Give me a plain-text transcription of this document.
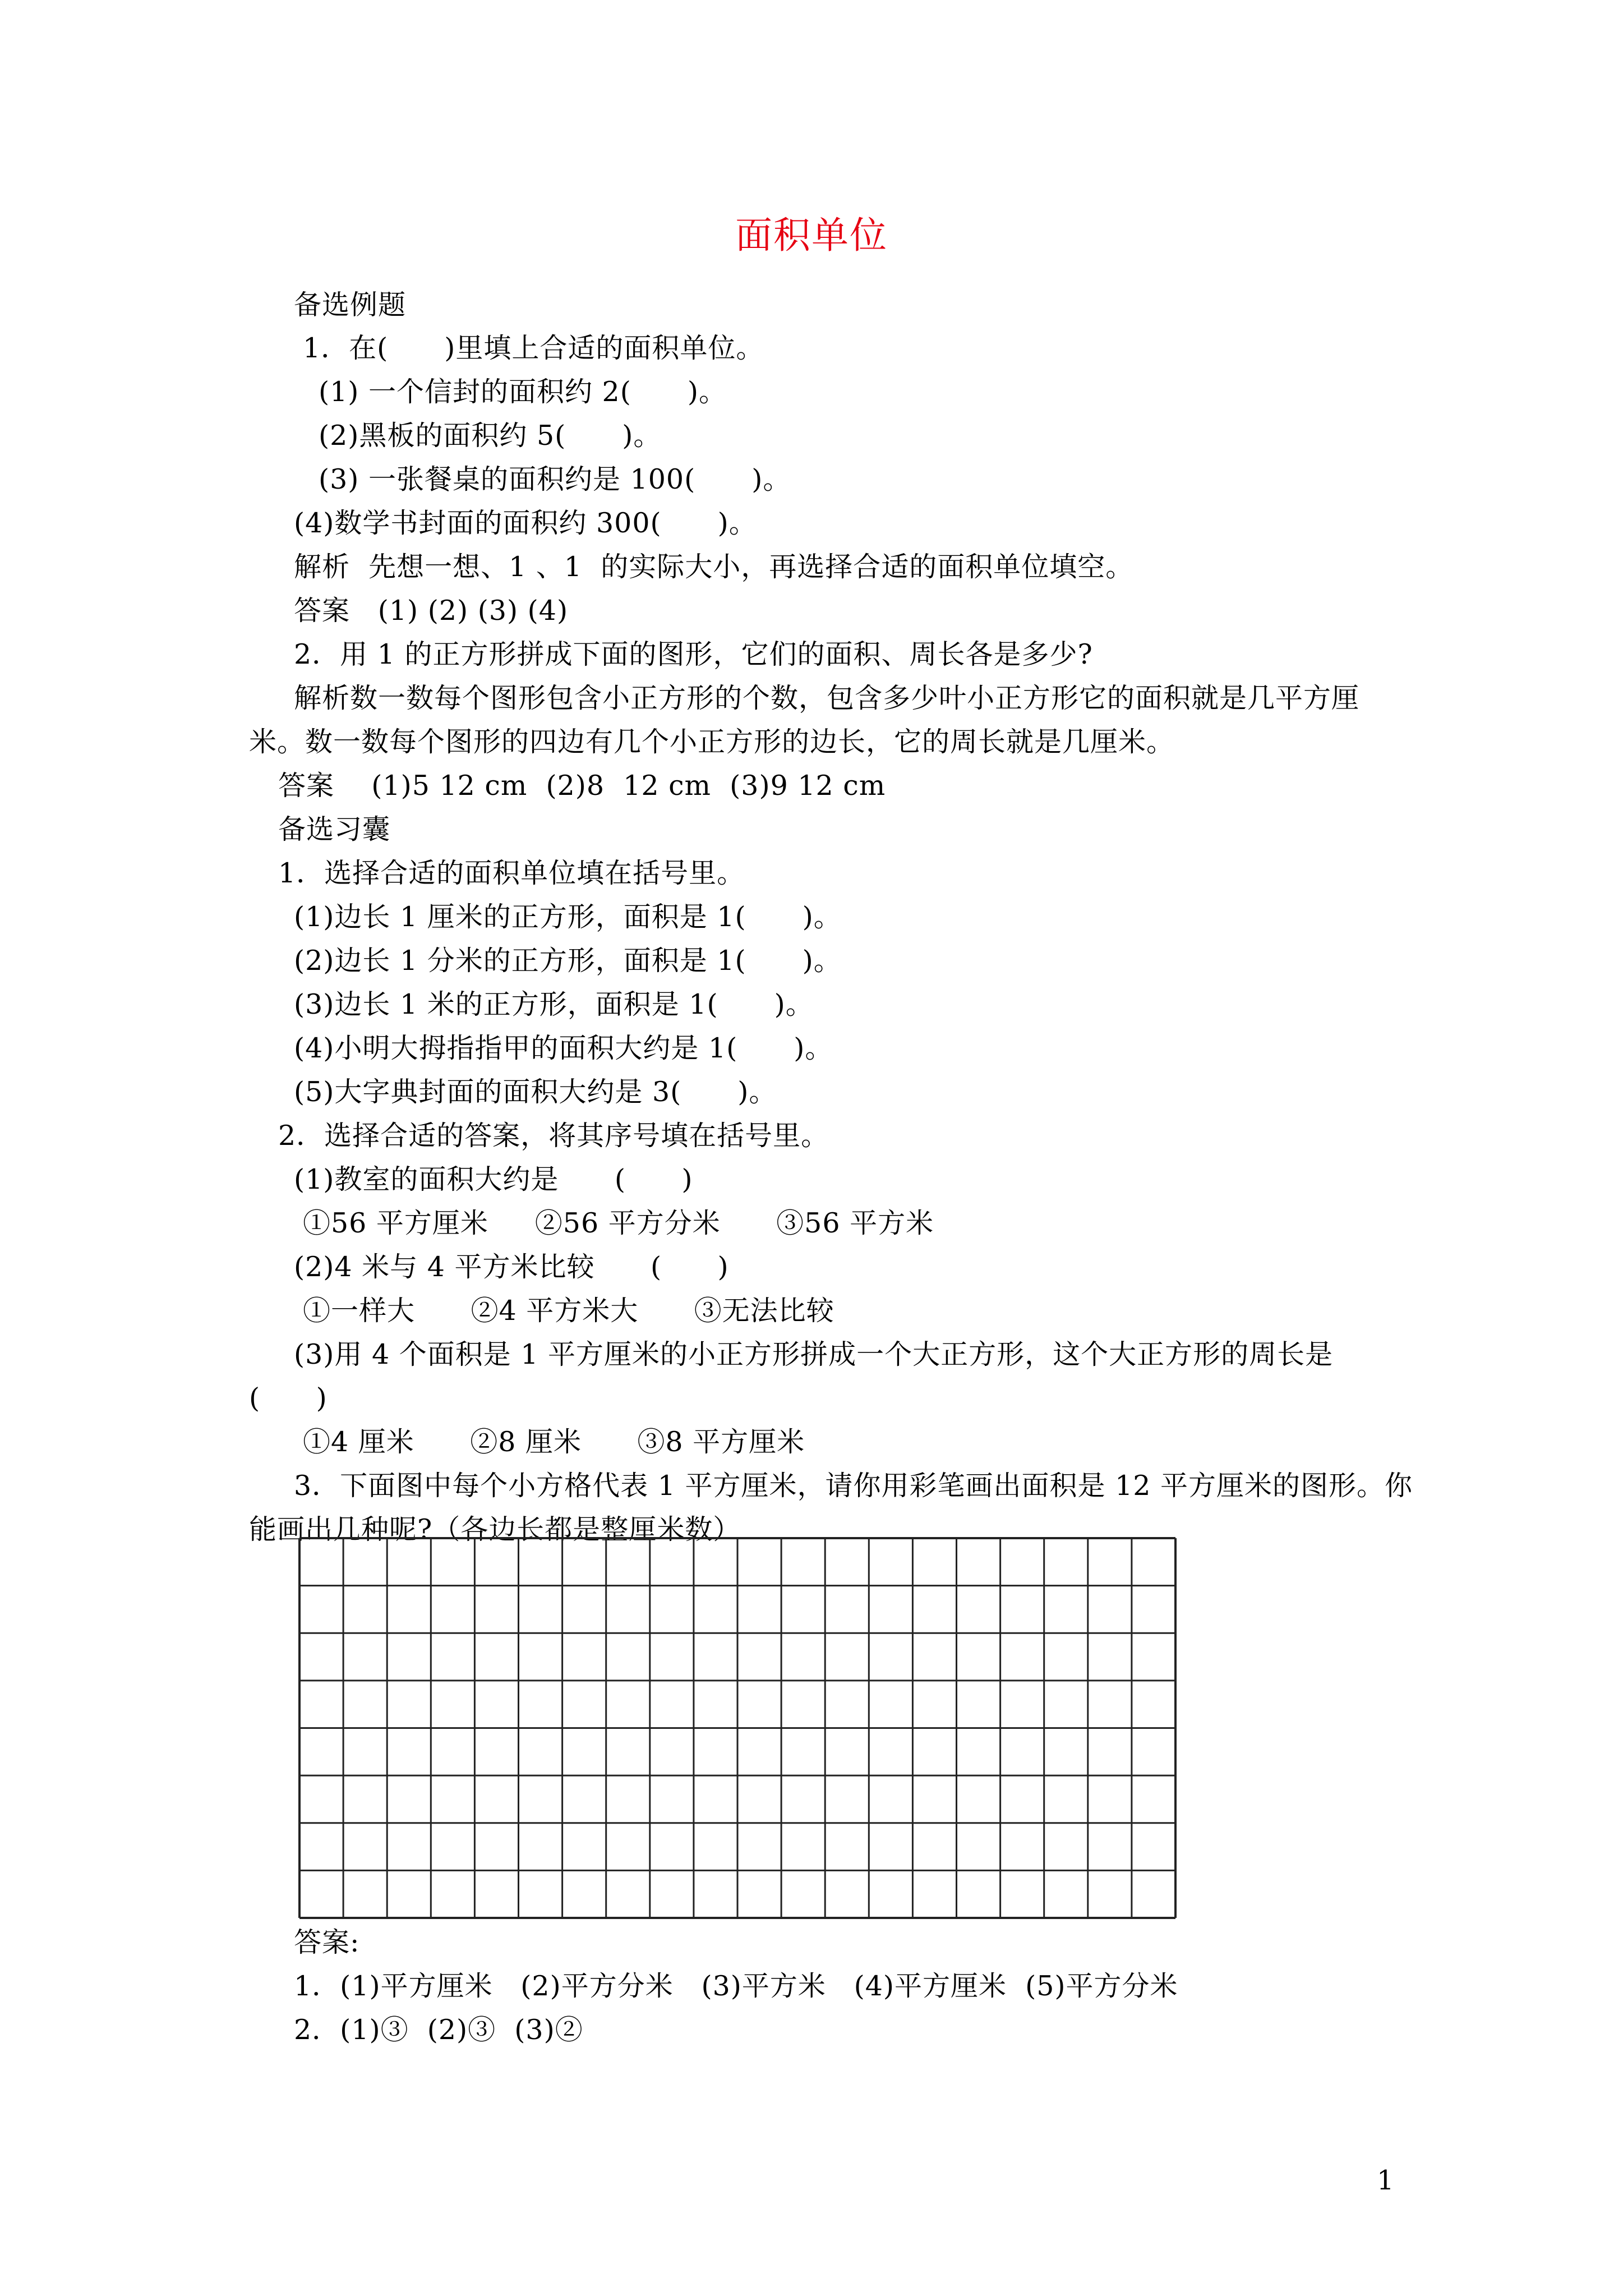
面积单位
备选例题
1．在(　　)里填上合适的面积单位。
(1) 一个信封的面积约 2(　　)。
(2)黑板的面积约 5(　　)。
(3) 一张餐桌的面积约是 100(　　)。
(4)数学书封面的面积约 300(　　)。
解析  先想一想、1 、1  的实际大小，再选择合适的面积单位填空。
答案   (1) (2) (3) (4)
2．用 1 的正方形拼成下面的图形，它们的面积、周长各是多少?
解析数一数每个图形包含小正方形的个数，包含多少叶小正方形它的面积就是几平方厘
米。数一数每个图形的四边有几个小正方形的边长，它的周长就是几厘米。
答案    (1)5 12 cm  (2)8  12 cm  (3)9 12 cm
备选习囊
1．选择合适的面积单位填在括号里。
(1)边长 1 厘米的正方形，面积是 1(　　)。
(2)边长 1 分米的正方形，面积是 1(　　)。
(3)边长 1 米的正方形，面积是 1(　　)。
(4)小明大拇指指甲的面积大约是 1(　　)。
(5)大字典封面的面积大约是 3(　　)。
2．选择合适的答案，将其序号填在括号里。
(1)教室的面积大约是      (      )
①56 平方厘米     ②56 平方分米      ③56 平方米
(2)4 米与 4 平方米比较      (      )
①一样大      ②4 平方米大      ③无法比较
(3)用 4 个面积是 1 平方厘米的小正方形拼成一个大正方形，这个大正方形的周长是
(      )
①4 厘米      ②8 厘米      ③8 平方厘米
3．下面图中每个小方格代表 1 平方厘米，请你用彩笔画出面积是 12 平方厘米的图形。你
能画出几种呢?（各边长都是整厘米数）
答案:
1．(1)平方厘米   (2)平方分米   (3)平方米   (4)平方厘米  (5)平方分米
2．(1)③  (2)③  (3)②
1
